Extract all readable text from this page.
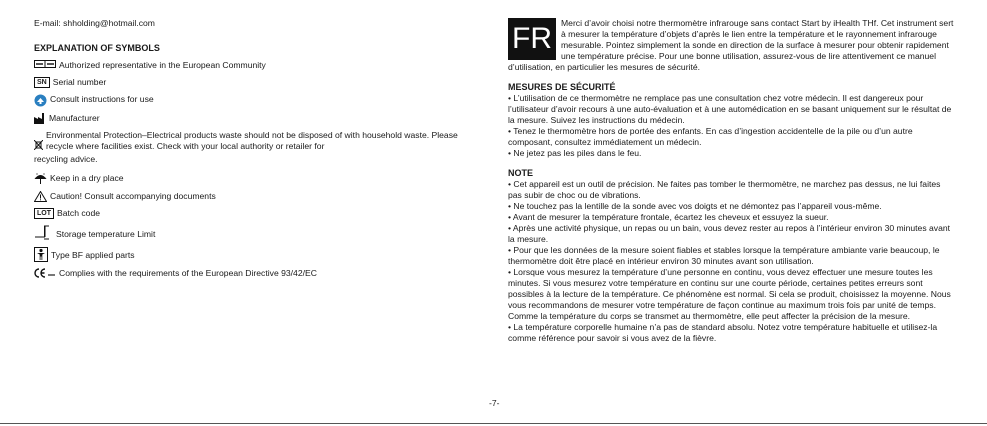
E-mail: shholding@hotmail.com
EXPLANATION OF SYMBOLS
Authorized representative in the European Community
SN Serial number
Consult instructions for use
Manufacturer
Environmental Protection–Electrical products waste should not be disposed of with household waste. Please recycle where facilities exist. Check with your local authority or retailer for
recycling advice.
Keep in a dry place
Caution! Consult accompanying documents
LOT Batch code
Storage temperature Limit
Type BF applied parts
Complies with the requirements of the European Directive 93/42/EC
FR	Merci d’avoir choisi notre thermomètre infrarouge sans contact Start by iHealth THf. Cet instrument sert à mesurer la température d’objets d’après le lien entre la température et le rayonnement infrarouge mesurable. Pointez simplement la sonde en direction de la surface à mesurer pour obtenir rapidement une température précise. Pour une bonne utilisation, assurez-vous de lire attentivement ce manuel d’utilisation, en particulier les mesures de sécurité.

MESURES DE SÉCURITÉ

• L’utilisation de ce thermomètre ne remplace pas une consultation chez votre médecin. Il est dangereux pour l’utilisateur d’avoir recours à une auto-évaluation et à une automédication en se basant uniquement sur le résultat de la mesure. Suivez les instructions du médecin.

• Tenez le thermomètre hors de portée des enfants. En cas d’ingestion accidentelle de la pile ou d’un autre composant, consultez immédiatement un médecin.

• Ne jetez pas les piles dans le feu.

NOTE

• Cet appareil est un outil de précision. Ne faites pas tomber le thermomètre, ne marchez pas dessus, ne lui faites pas subir de choc ou de vibrations.

• Ne touchez pas la lentille de la sonde avec vos doigts et ne démontez pas l’appareil vous-même.

• Avant de mesurer la température frontale, écartez les cheveux et essuyez la sueur.

• Après une activité physique, un repas ou un bain, vous devez rester au repos à l’intérieur environ 30 minutes avant la mesure.

• Pour que les données de la mesure soient fiables et stables lorsque la température ambiante varie beaucoup, le thermomètre doit être placé en intérieur environ 30 minutes avant son utilisation.

• Lorsque vous mesurez la température d’une personne en continu, vous devez effectuer une mesure toutes les minutes. Si vous mesurez votre température en continu sur une courte période, certaines petites erreurs sont possibles à la lecture de la température. Ce phénomène est normal. Si cela se produit, choisissez la moyenne. Nous vous recommandons de mesurer votre température de façon continue au maximum trois fois par unité de temps. Comme la température du corps se transmet au thermomètre, elle peut affecter la précision de la mesure.

• La température corporelle humaine n’a pas de standard absolu. Notez votre température habituelle et utilisez-la comme référence pour savoir si vous avez de la fièvre.

-7-
